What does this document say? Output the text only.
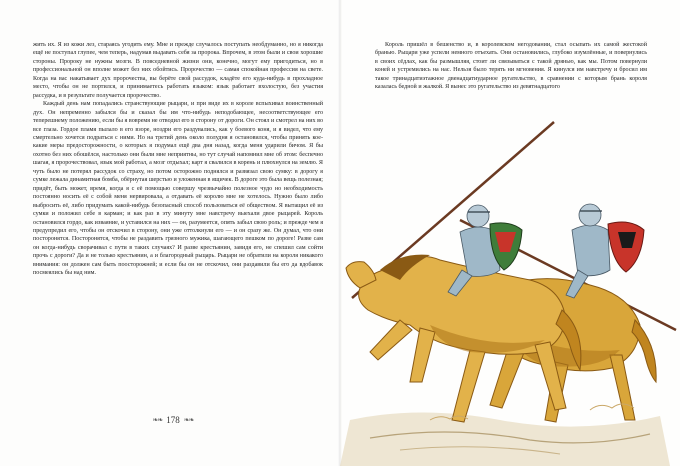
жить их. Я из кожи лез, стараясь угодить ему. Мне и прежде случалось поступать необдуманно, но я никогда ещё не поступал глупее, чем теперь, надумав выдавать себя за пророка. Впрочем, в этом были и свои хорошие стороны. Пророку не нужны мозги. В повседневной жизни они, конечно, могут ему пригодиться, но в профессиональной он вполне может без них обойтись. Пророчество — самая спокойная профессия на свете. Когда на вас накатывает дух пророчества, вы берёте свой рассудок, кладёте его куда-нибудь в прохладное место, чтобы он не портился, и принимаетесь работать языком: язык работает вхолостую, без участия рассудка, и в результате получается пророчество.

Каждый день нам попадались странствующие рыцари, и при виде их в короле вспыхивал воинственный дух. Он непременно забылся бы и сказал бы им что-нибудь неподобающее, несоответствующее его теперешнему положению, если бы я вовремя не отводил его в сторону от дороги. Он стоял и смотрел на них во все глаза. Гордое пламя пылало в его взоре, ноздри его раздувались, как у боевого коня, и я видел, что ему смертельно хочется подраться с ними. Но на третий день около полудня я остановился, чтобы принять кое-какие меры предосторожности, о которых я подумал ещё два дня назад, когда меня ударили бичом. Я бы охотно без них обошёлся, настолько они были мне неприятны, но тут случай напомнил мне об этом: беспечно шагая, я пророчествовал, язык мой работал, а мозг отдыхал; карт я свалился в корень и плюхнулся на землю. Я чуть было не потерял рассудок со страху, но потом осторожно поднялся и развязал свою сумку: в дорогу я сумке лежала динамитная бомба, обёрнутая шерстью и уложенная в ящичек. В дороге это была вещь полезная; придёт, быть может, время, когда я с её помощью совершу чрезвычайно полезное чудо но необходимость постоянно носить её с собой меня нервировала, а отдавать её королю мне не хотелось. Нужно было либо выбросить её, либо придумать какой-нибудь безопасный способ пользоваться её обществом. Я вытащил её из сумки и положил себе в карман; и как раз в эту минуту мне навстречу выехали двое рыцарей. Король остановился гордо, как изваяние, и уставился на них — он, разумеется, опять забыл свою роль; и прежде чем я предупредил его, чтобы он отскочил в сторону, они уже оттолкнули его — и он сразу же. Он думал, что они посторонятся. Посторонятся, чтобы не раздавить грязного мужика, шагающего пешком по дороге! Разве сам он когда-нибудь сворачивал с пути в таких случаях? И разве крестьянин, завидя его, не спешил сам сойти прочь с дороги? Да и не только крестьянин, а и благородный рыцарь. Рыцари не обратили на короля никакого внимания: он должен сам быть поосторожней; и если бы он не отскочил, они раздавили бы его да вдобавок посмеялись бы над ним.

❧❧ 178 ❧❧

Король пришёл в бешенство и, в королевском негодовании, стал осыпать их самой жестокой бранью. Рыцари уже успели немного отъехать. Они остановились, глубоко изумлённые, и повернулись в своих сёдлах, как бы размышляя, стоит ли связываться с такой дрянью, как мы. Потом повернули коней и устремились на нас. Нельзя было терять ни мгновения. Я кинулся им навстречу и бросил им такое тринадцатиэтажное двенадцатиударное ругательство, в сравнении с которым брань короля казалась бедной и жалкой. Я вынес это ругательство из девятнадцатого
